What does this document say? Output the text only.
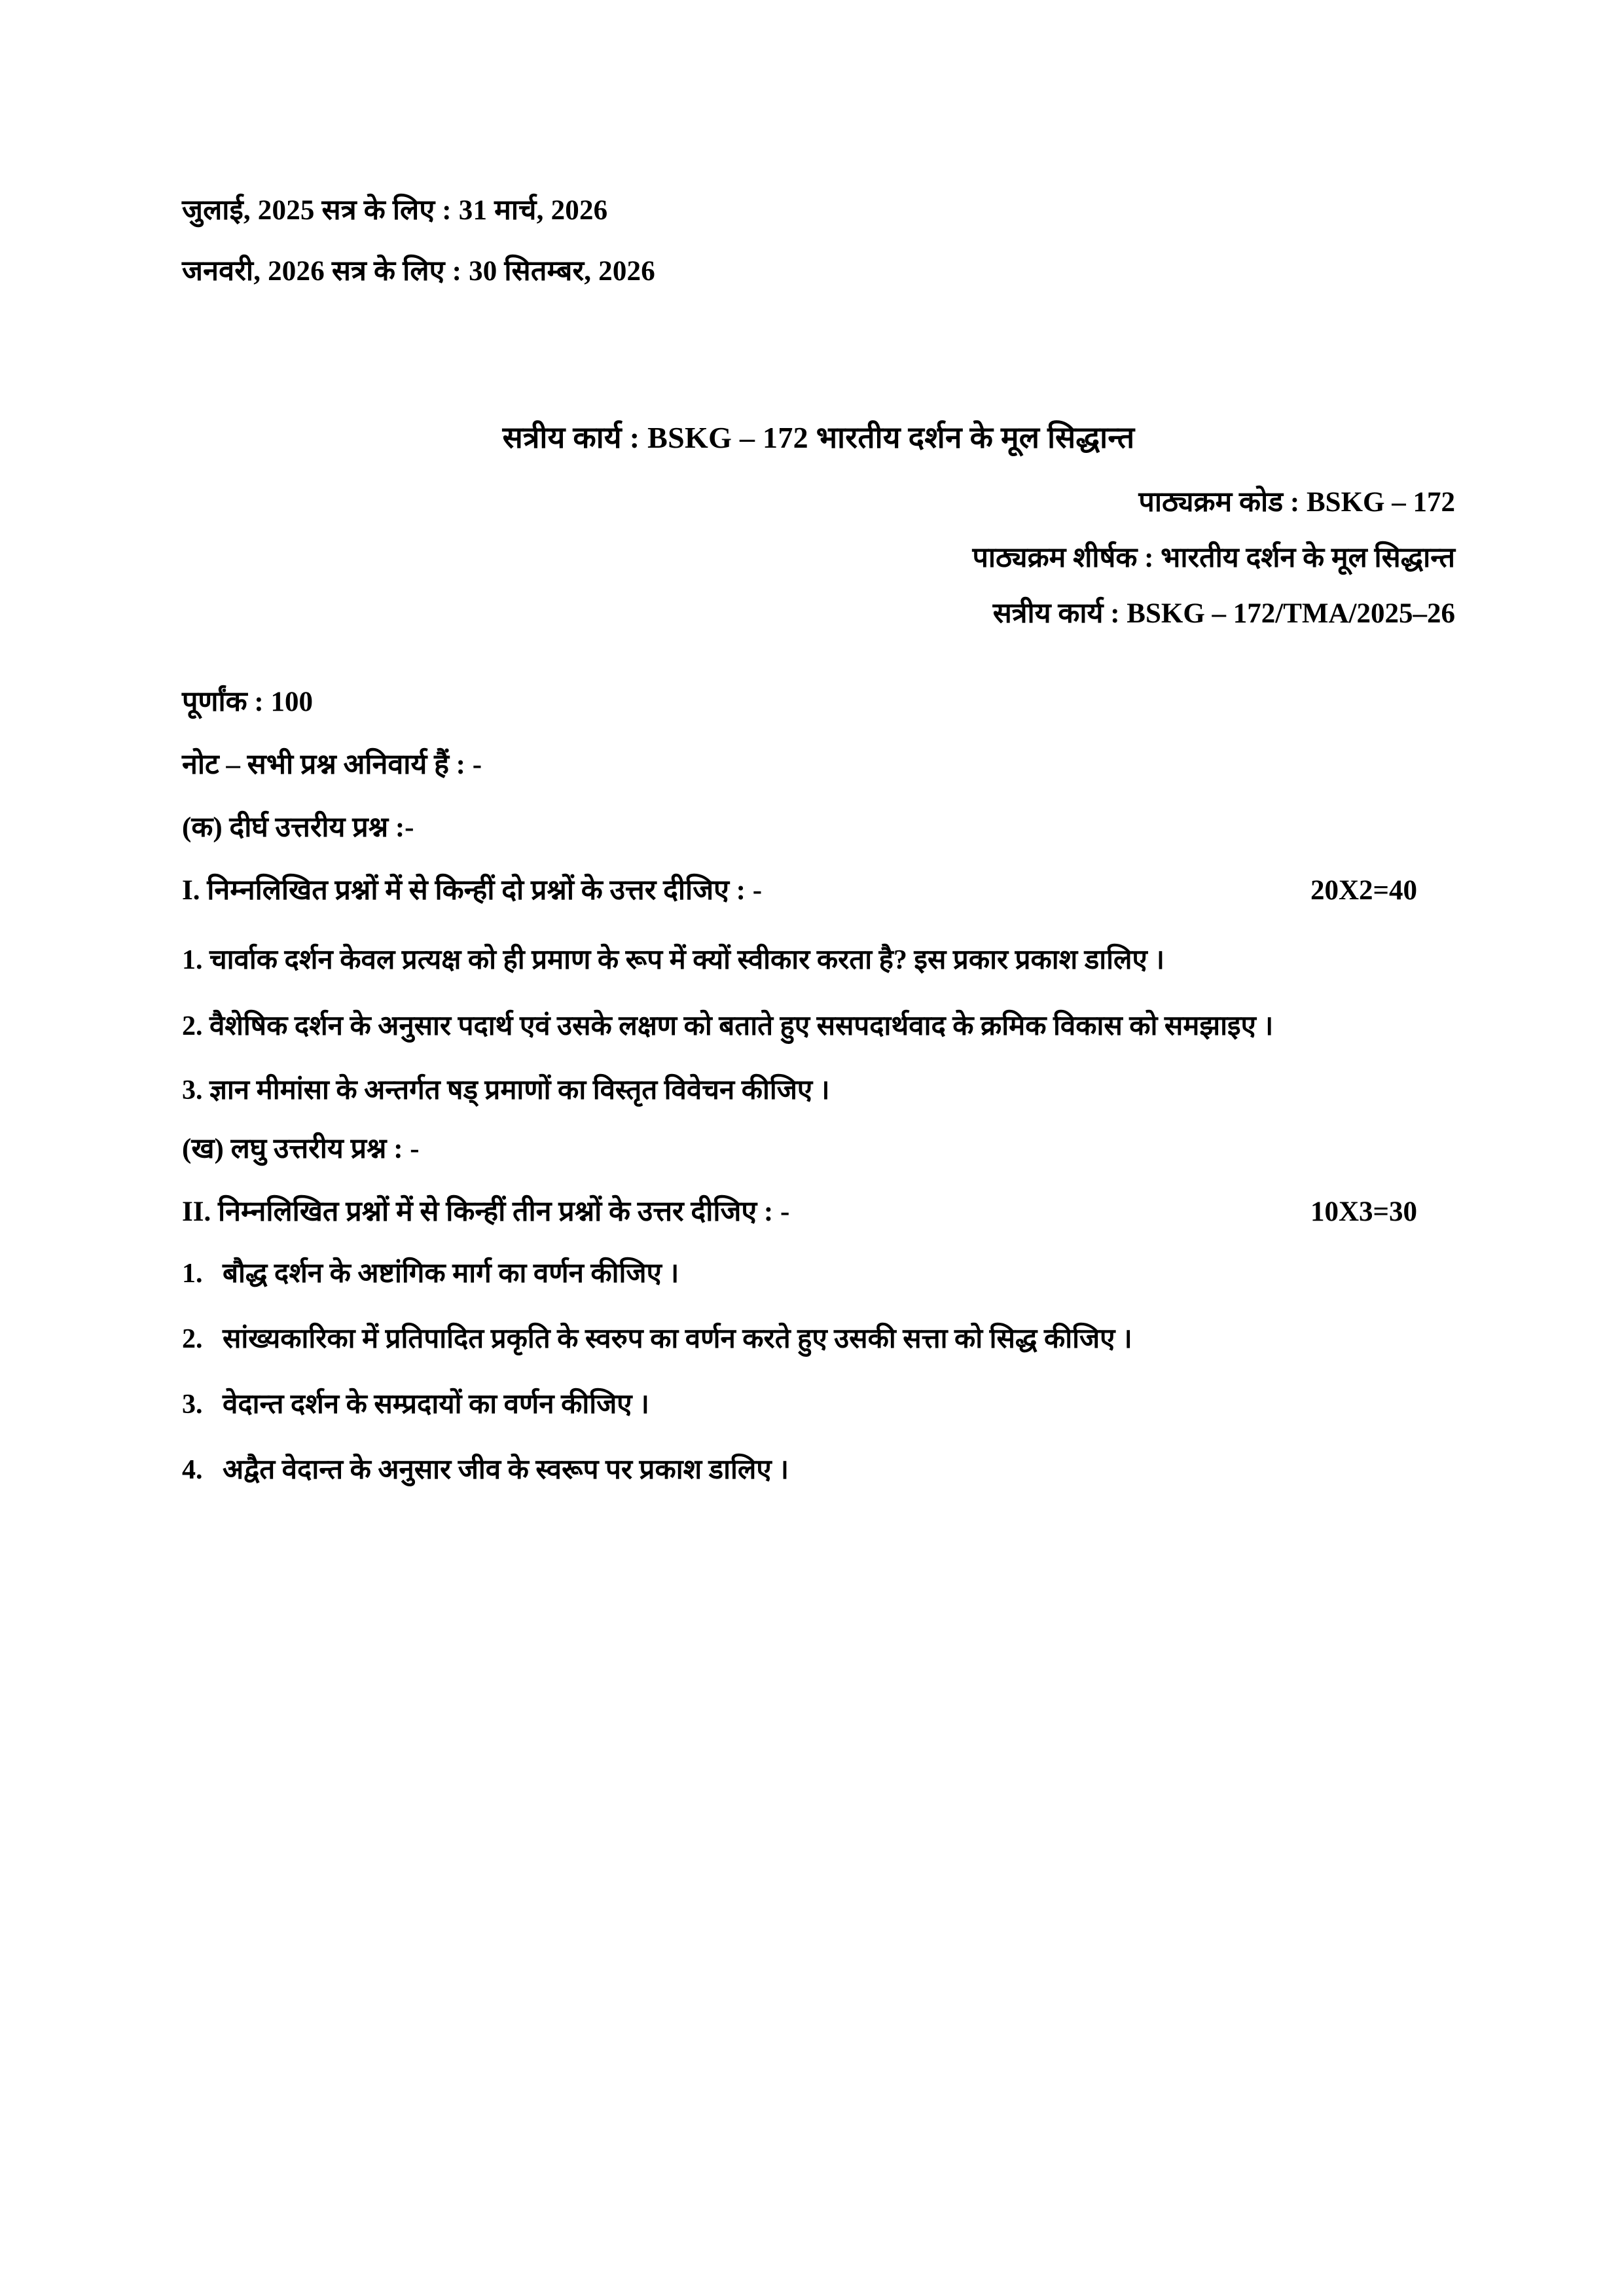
जुलाई, 2025 सत्र के लिए : 31 मार्च, 2026
जनवरी, 2026 सत्र के लिए : 30 सितम्बर, 2026
सत्रीय कार्य : BSKG – 172 भारतीय दर्शन के मूल सिद्धान्त
पाठ्यक्रम कोड : BSKG – 172
पाठ्यक्रम शीर्षक : भारतीय दर्शन के मूल सिद्धान्त
सत्रीय कार्य : BSKG – 172/TMA/2025–26
पूर्णांक : 100
नोट – सभी प्रश्न अनिवार्य हैं : -
(क) दीर्घ उत्तरीय प्रश्न :-
I. निम्नलिखित प्रश्नों में से किन्हीं दो प्रश्नों के उत्तर दीजिए : -	20X2=40
1. चार्वाक दर्शन केवल प्रत्यक्ष को ही प्रमाण के रूप में क्यों स्वीकार करता है? इस प्रकार प्रकाश डालिए ।
2. वैशेषिक दर्शन के अनुसार पदार्थ एवं उसके लक्षण को बताते हुए ससपदार्थवाद के क्रमिक विकास को समझाइए ।
3. ज्ञान मीमांसा के अन्तर्गत षड् प्रमाणों का विस्तृत विवेचन कीजिए ।
(ख) लघु उत्तरीय प्रश्न : -
II. निम्नलिखित प्रश्नों में से किन्हीं तीन प्रश्नों के उत्तर दीजिए : -	10X3=30
1. बौद्ध दर्शन के अष्टांगिक मार्ग का वर्णन कीजिए ।
2. सांख्यकारिका में प्रतिपादित प्रकृति के स्वरुप का वर्णन करते हुए उसकी सत्ता को सिद्ध कीजिए ।
3. वेदान्त दर्शन के सम्प्रदायों का वर्णन कीजिए ।
4. अद्वैत वेदान्त के अनुसार जीव के स्वरूप पर प्रकाश डालिए ।
